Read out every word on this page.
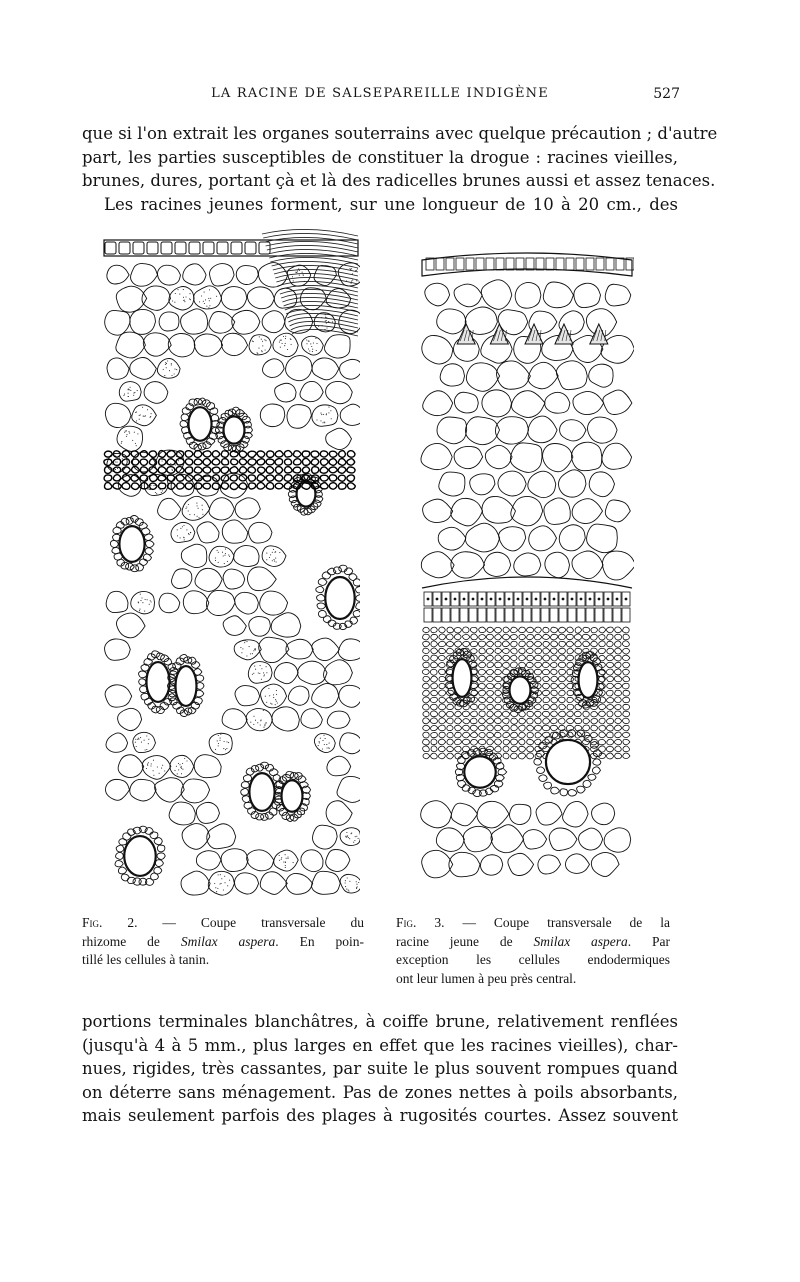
LA RACINE DE SALSEPAREILLE INDIGÈNE	527

que si l'on extrait les organes souterrains avec quelque précaution ; d'autre
part, les parties susceptibles de constituer la drogue : racines vieilles,
brunes, dures, portant çà et là des radicelles brunes aussi et assez tenaces.
Les racines jeunes forment, sur une longueur de 10 à 20 cm., des

Fig. 2. — Coupe transversale du
rhizome de Smilax aspera. En poin-
tillé les cellules à tanin.

Fig. 3. — Coupe transversale de la
racine jeune de Smilax aspera. Par
exception les cellules endodermiques
ont leur lumen à peu près central.

portions terminales blanchâtres, à coiffe brune, relativement renflées
(jusqu'à 4 à 5 mm., plus larges en effet que les racines vieilles), char-
nues, rigides, très cassantes, par suite le plus souvent rompues quand
on déterre sans ménagement. Pas de zones nettes à poils absorbants,
mais seulement parfois des plages à rugosités courtes. Assez souvent
